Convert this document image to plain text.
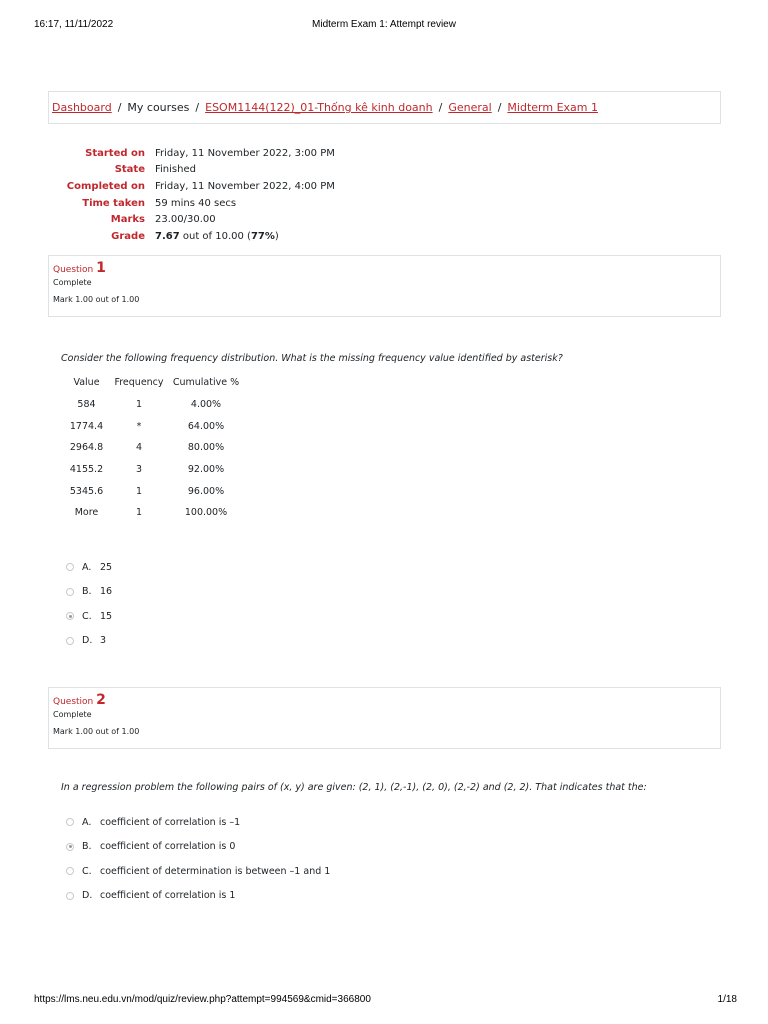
16:17, 11/11/2022	Midterm Exam 1: Attempt review
Dashboard / My courses / ESOM1144(122)_01-Thống kê kinh doanh / General / Midterm Exam 1
Started on	Friday, 11 November 2022, 3:00 PM
State	Finished
Completed on	Friday, 11 November 2022, 4:00 PM
Time taken	59 mins 40 secs
Marks	23.00/30.00
Grade	7.67 out of 10.00 (77%)
Question 1
Complete
Mark 1.00 out of 1.00
Consider the following frequency distribution. What is the missing frequency value identified by asterisk?
Value	Frequency	Cumulative %
584	1	4.00%
1774.4	*	64.00%
2964.8	4	80.00%
4155.2	3	92.00%
5345.6	1	96.00%
More	1	100.00%
A. 25
B. 16
C. 15
D. 3
Question 2
Complete
Mark 1.00 out of 1.00
In a regression problem the following pairs of (x, y) are given: (2, 1), (2,-1), (2, 0), (2,-2) and (2, 2). That indicates that the:
A. coefficient of correlation is –1
B. coefficient of correlation is 0
C. coefficient of determination is between –1 and 1
D. coefficient of correlation is 1
https://lms.neu.edu.vn/mod/quiz/review.php?attempt=994569&cmid=366800	1/18
